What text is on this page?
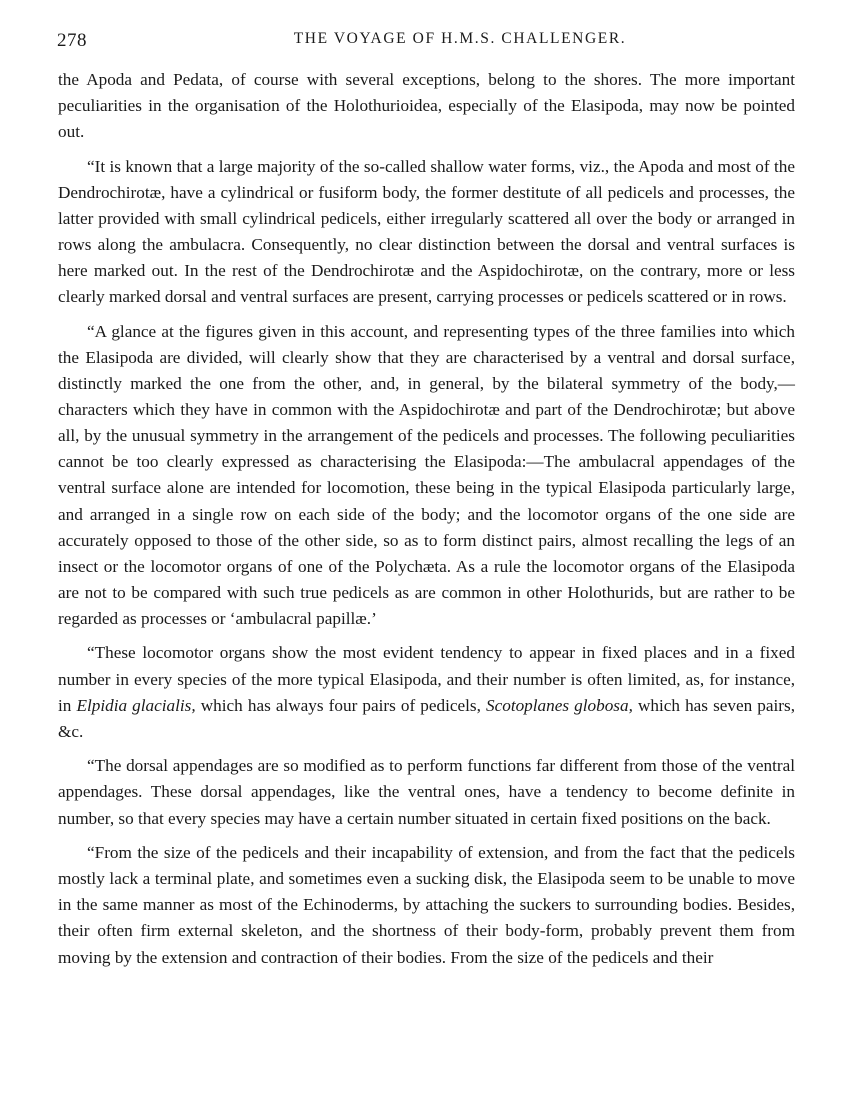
278	THE VOYAGE OF H.M.S. CHALLENGER.

the Apoda and Pedata, of course with several exceptions, belong to the shores. The more important peculiarities in the organisation of the Holothurioidea, especially of the Elasipoda, may now be pointed out.

“It is known that a large majority of the so-called shallow water forms, viz., the Apoda and most of the Dendrochirotæ, have a cylindrical or fusiform body, the former destitute of all pedicels and processes, the latter provided with small cylindrical pedicels, either irregularly scattered all over the body or arranged in rows along the ambulacra. Consequently, no clear distinction between the dorsal and ventral surfaces is here marked out. In the rest of the Dendrochirotæ and the Aspidochirotæ, on the contrary, more or less clearly marked dorsal and ventral surfaces are present, carrying processes or pedicels scattered or in rows.

“A glance at the figures given in this account, and representing types of the three families into which the Elasipoda are divided, will clearly show that they are characterised by a ventral and dorsal surface, distinctly marked the one from the other, and, in general, by the bilateral symmetry of the body,—characters which they have in common with the Aspidochirotæ and part of the Dendrochirotæ; but above all, by the unusual symmetry in the arrangement of the pedicels and processes. The following peculiarities cannot be too clearly expressed as characterising the Elasipoda:—The ambulacral appendages of the ventral surface alone are intended for locomotion, these being in the typical Elasipoda particularly large, and arranged in a single row on each side of the body; and the locomotor organs of the one side are accurately opposed to those of the other side, so as to form distinct pairs, almost recalling the legs of an insect or the locomotor organs of one of the Polychæta. As a rule the locomotor organs of the Elasipoda are not to be compared with such true pedicels as are common in other Holothurids, but are rather to be regarded as processes or ‘ambulacral papillæ.’

“These locomotor organs show the most evident tendency to appear in fixed places and in a fixed number in every species of the more typical Elasipoda, and their number is often limited, as, for instance, in Elpidia glacialis, which has always four pairs of pedicels, Scotoplanes globosa, which has seven pairs, &c.

“The dorsal appendages are so modified as to perform functions far different from those of the ventral appendages. These dorsal appendages, like the ventral ones, have a tendency to become definite in number, so that every species may have a certain number situated in certain fixed positions on the back.

“From the size of the pedicels and their incapability of extension, and from the fact that the pedicels mostly lack a terminal plate, and sometimes even a sucking disk, the Elasipoda seem to be unable to move in the same manner as most of the Echinoderms, by attaching the suckers to surrounding bodies. Besides, their often firm external skeleton, and the shortness of their body-form, probably prevent them from moving by the extension and contraction of their bodies. From the size of the pedicels and their
